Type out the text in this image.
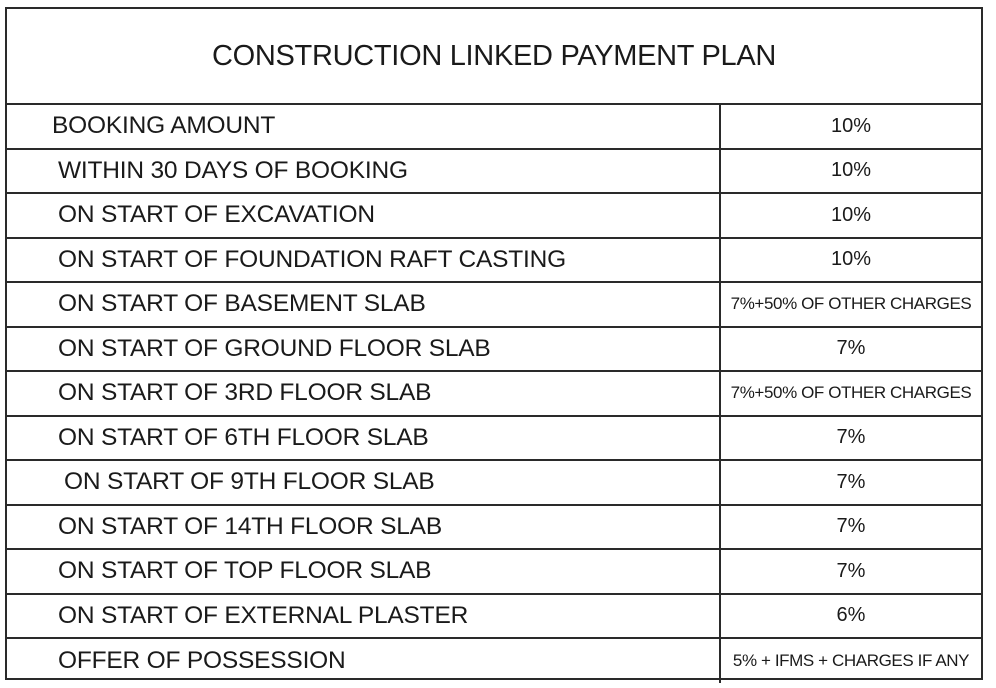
CONSTRUCTION LINKED PAYMENT PLAN
BOOKING AMOUNT	10%
WITHIN 30 DAYS OF BOOKING	10%
ON START OF EXCAVATION	10%
ON START OF FOUNDATION RAFT CASTING	10%
ON START OF BASEMENT SLAB	7%+50% OF OTHER CHARGES
ON START OF GROUND FLOOR SLAB	7%
ON START OF 3RD FLOOR SLAB	7%+50% OF OTHER CHARGES
ON START OF 6TH FLOOR SLAB	7%
ON START OF 9TH FLOOR SLAB	7%
ON START OF 14TH FLOOR SLAB	7%
ON START OF TOP FLOOR SLAB	7%
ON START OF EXTERNAL PLASTER	6%
OFFER OF POSSESSION	5% + IFMS + CHARGES IF ANY
